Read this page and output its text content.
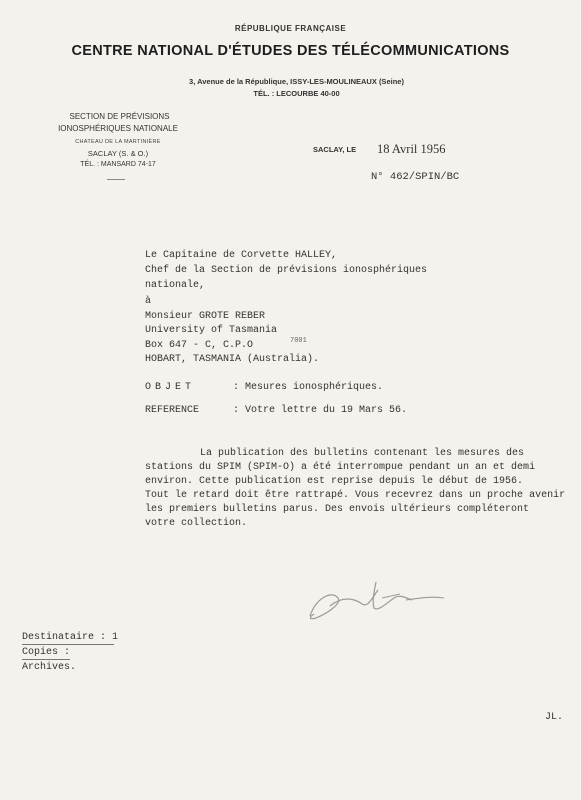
RÉPUBLIQUE FRANÇAISE
CENTRE NATIONAL D'ÉTUDES DES TÉLÉCOMMUNICATIONS
3, Avenue de la République, ISSY-LES-MOULINEAUX (Seine)
TÉL. : LECOURBE 40-00
SECTION DE PRÉVISIONS
IONOSPHÉRIQUES NATIONALE
CHATEAU DE LA MARTINIÈRE
SACLAY (S. & O.)
TÉL. : MANSARD 74-17
SACLAY, LE 18 Avril 1956
N° 462/SPIN/BC
Le Capitaine de Corvette HALLEY,
Chef de la Section de prévisions ionosphériques
nationale,
à
Monsieur GROTE REBER
University of Tasmania
Box 647 - C, C.P.O
HOBART, TASMANIA (Australia).
7001
OBJET	: Mesures ionosphériques.
REFERENCE	: Votre lettre du 19 Mars 56.
La publication des bulletins contenant les mesures des
stations du SPIM (SPIM-O) a été interrompue pendant un an et demi
environ. Cette publication est reprise depuis le début de 1956.
Tout le retard doit être rattrapé. Vous recevrez dans un proche avenir
les premiers bulletins parus. Des envois ultérieurs compléteront
votre collection.
Destinataire : 1
Copies :
Archives.
JL.
